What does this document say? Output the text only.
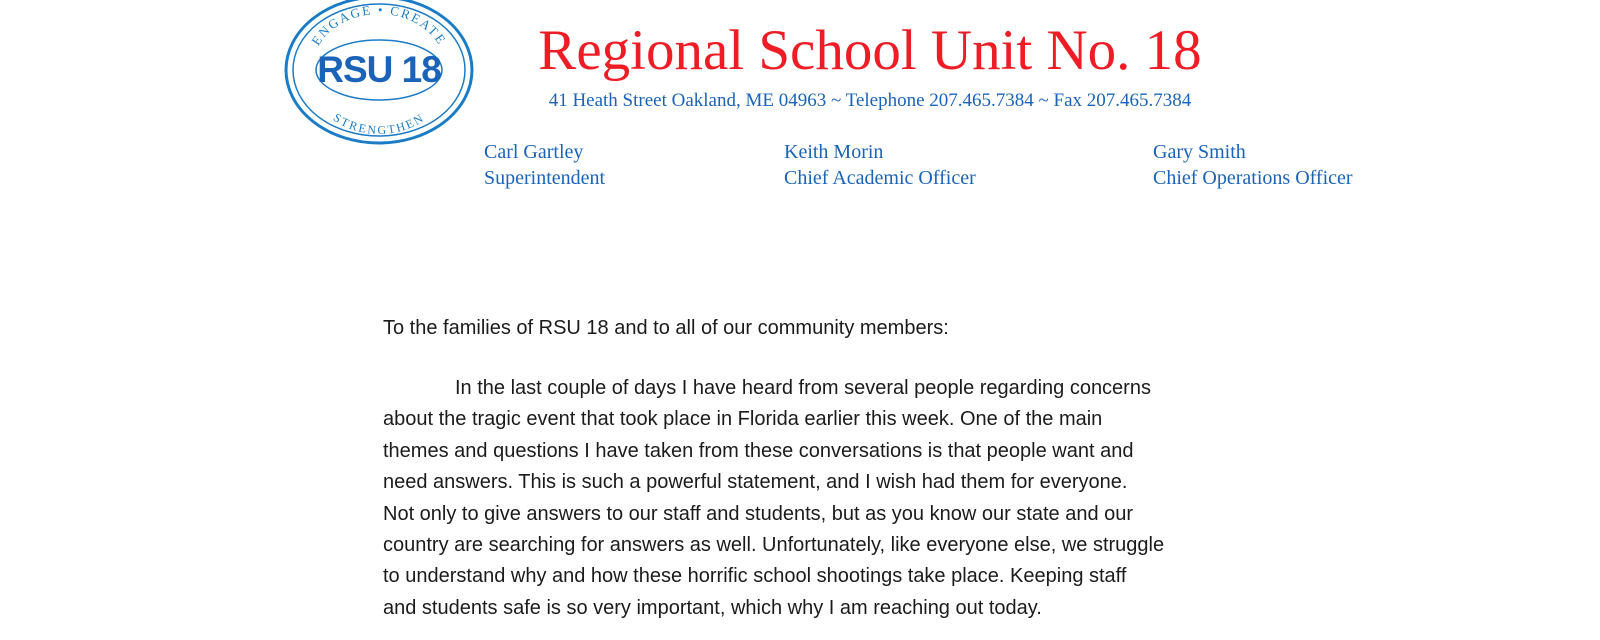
ENGAGE • CREATE
STRENGTHEN
RSU 18	Regional School Unit No. 18
41 Heath Street Oakland, ME 04963 ~ Telephone 207.465.7384 ~ Fax 207.465.7384
Carl Gartley
Superintendent
Keith Morin
Chief Academic Officer
Gary Smith
Chief Operations Officer
To the families of RSU 18 and to all of our community members:
In the last couple of days I have heard from several people regarding concerns
about the tragic event that took place in Florida earlier this week. One of the main
themes and questions I have taken from these conversations is that people want and
need answers. This is such a powerful statement, and I wish had them for everyone.
Not only to give answers to our staff and students, but as you know our state and our
country are searching for answers as well. Unfortunately, like everyone else, we struggle
to understand why and how these horrific school shootings take place. Keeping staff
and students safe is so very important, which why I am reaching out today.
